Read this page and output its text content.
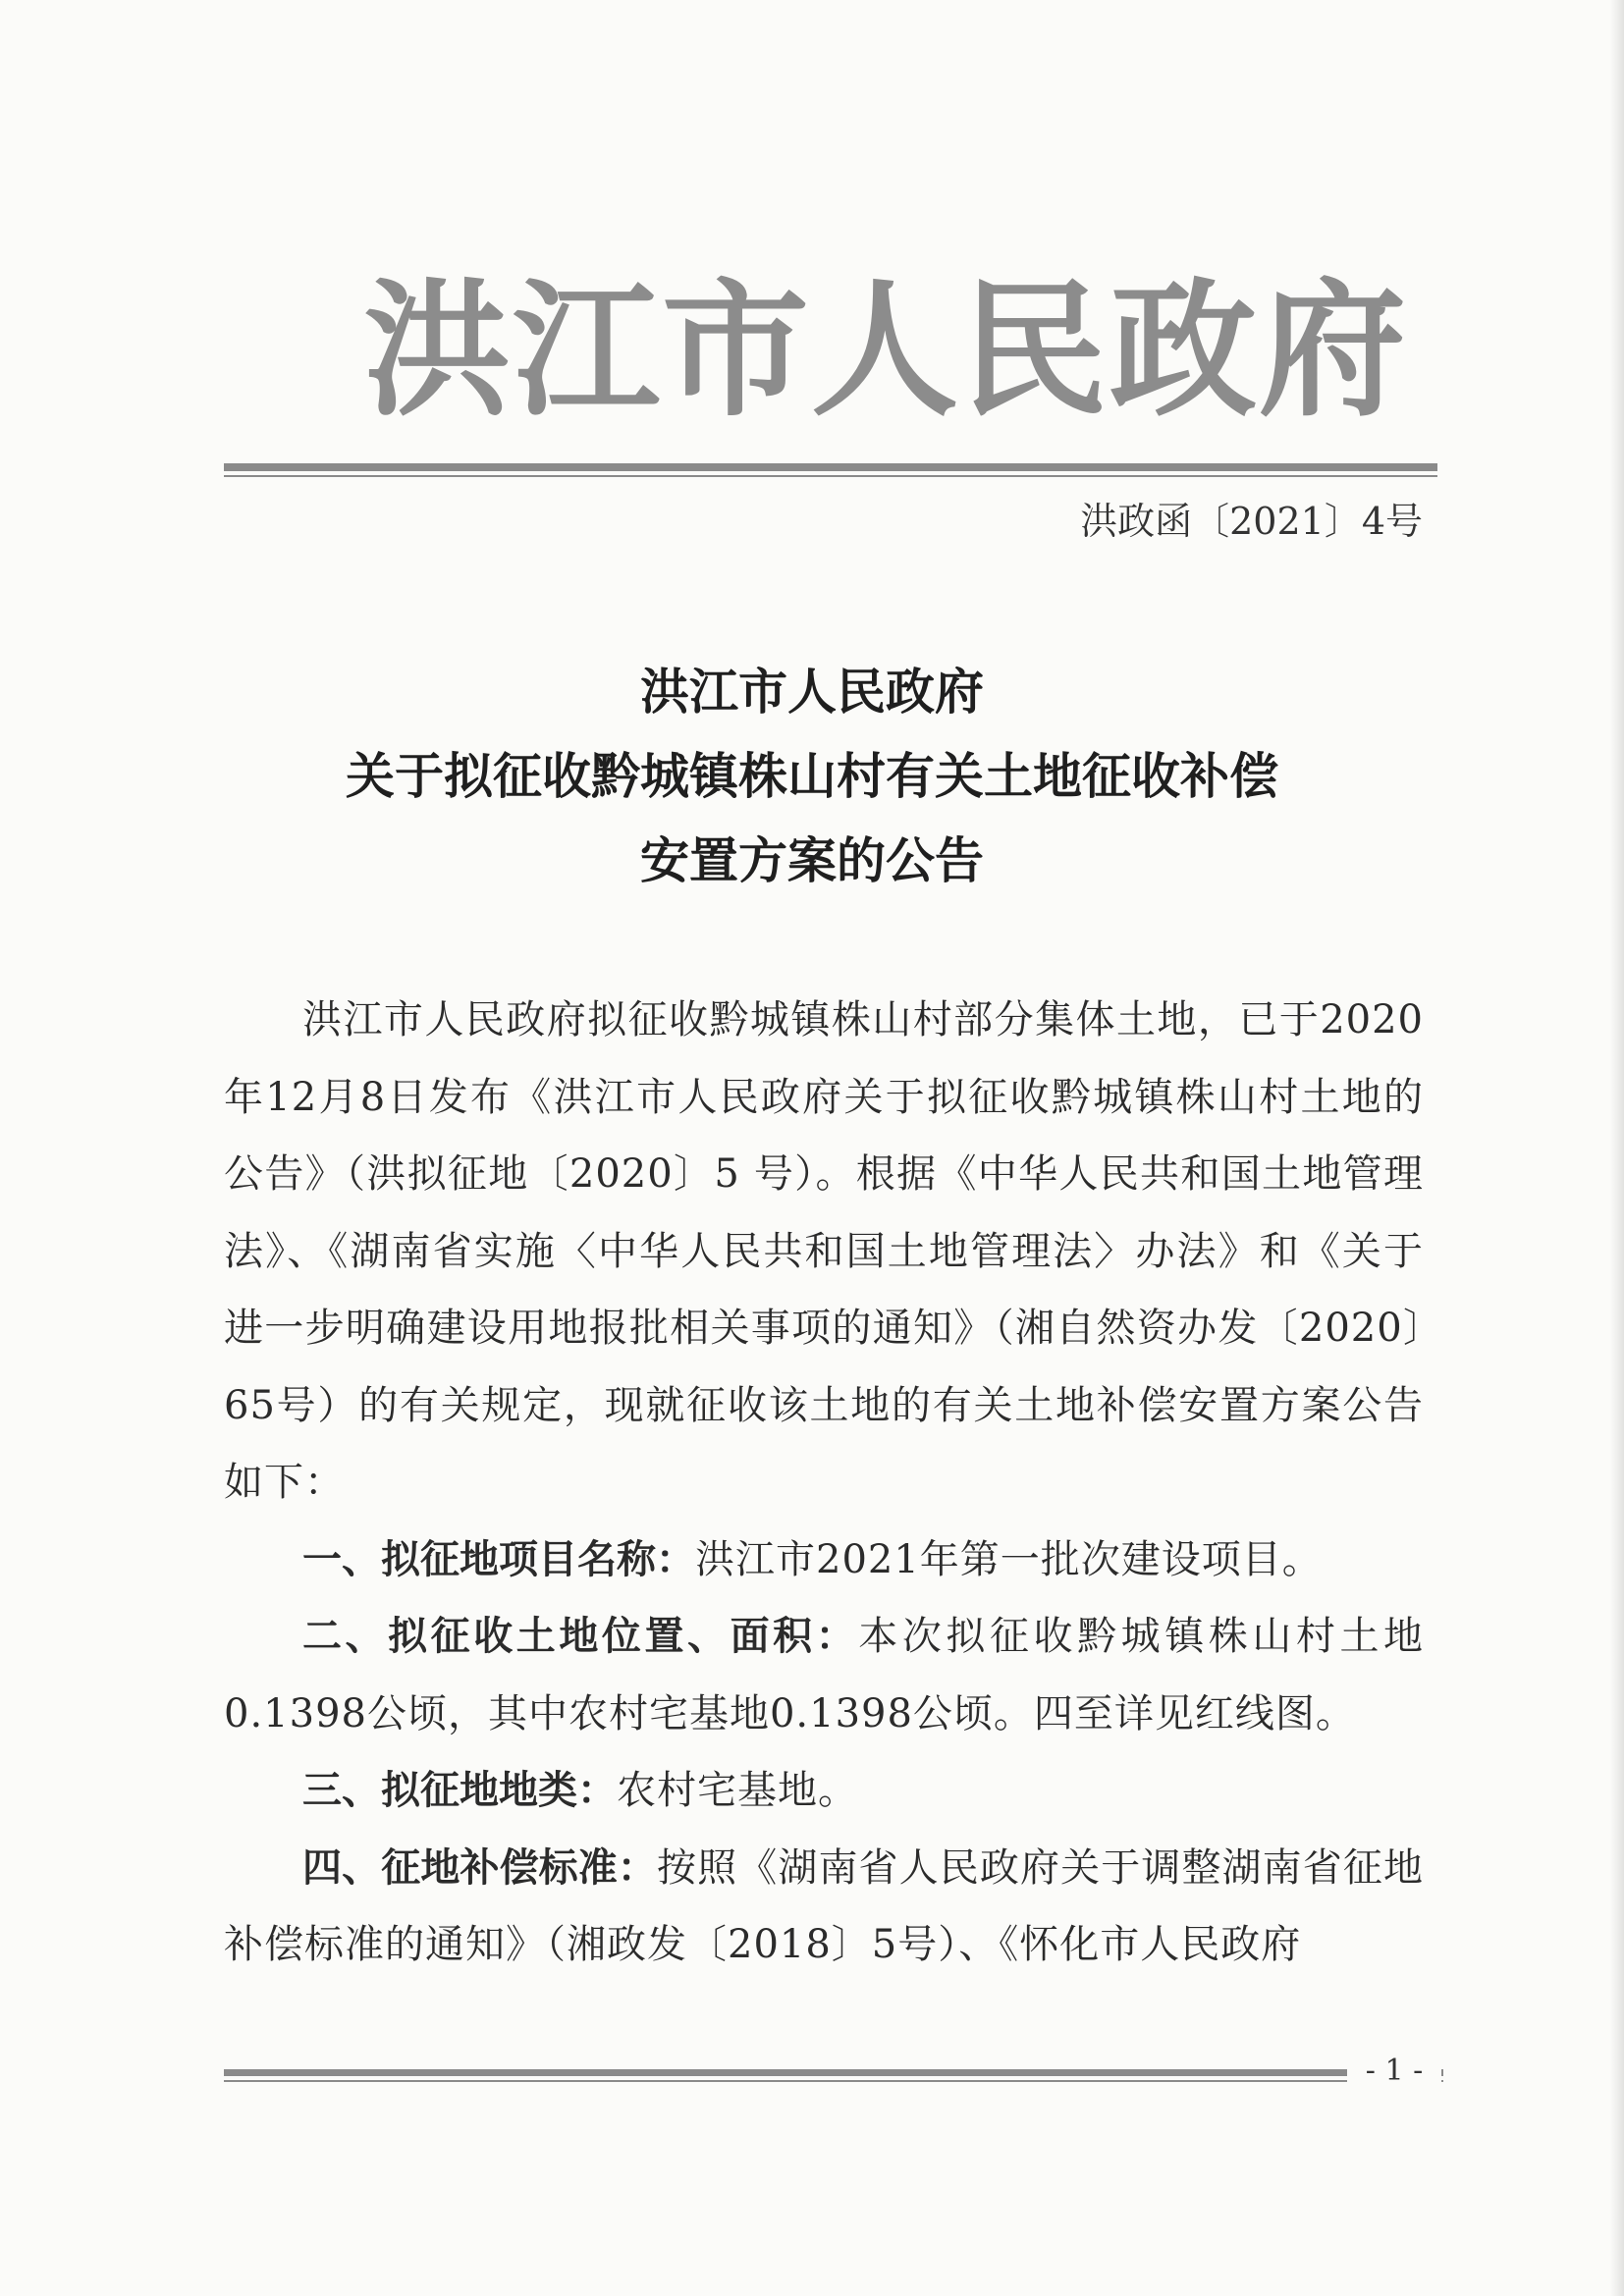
洪江市人民政府
洪政函〔2021〕4号
洪江市人民政府
关于拟征收黔城镇株山村有关土地征收补偿
安置方案的公告

洪江市人民政府拟征收黔城镇株山村部分集体土地，已于2020年12月8日发布《洪江市人民政府关于拟征收黔城镇株山村土地的公告》（洪拟征地〔2020〕5 号）。根据《中华人民共和国土地管理法》、《湖南省实施〈中华人民共和国土地管理法〉办法》和《关于进一步明确建设用地报批相关事项的通知》（湘自然资办发〔2020〕65号）的有关规定，现就征收该土地的有关土地补偿安置方案公告如下：

一、拟征地项目名称：洪江市2021年第一批次建设项目。

二、拟征收土地位置、面积：本次拟征收黔城镇株山村土地0.1398公顷，其中农村宅基地0.1398公顷。四至详见红线图。

三、拟征地地类：农村宅基地。

四、征地补偿标准：按照《湖南省人民政府关于调整湖南省征地补偿标准的通知》（湘政发〔2018〕5号）、《怀化市人民政府

- 1 -
